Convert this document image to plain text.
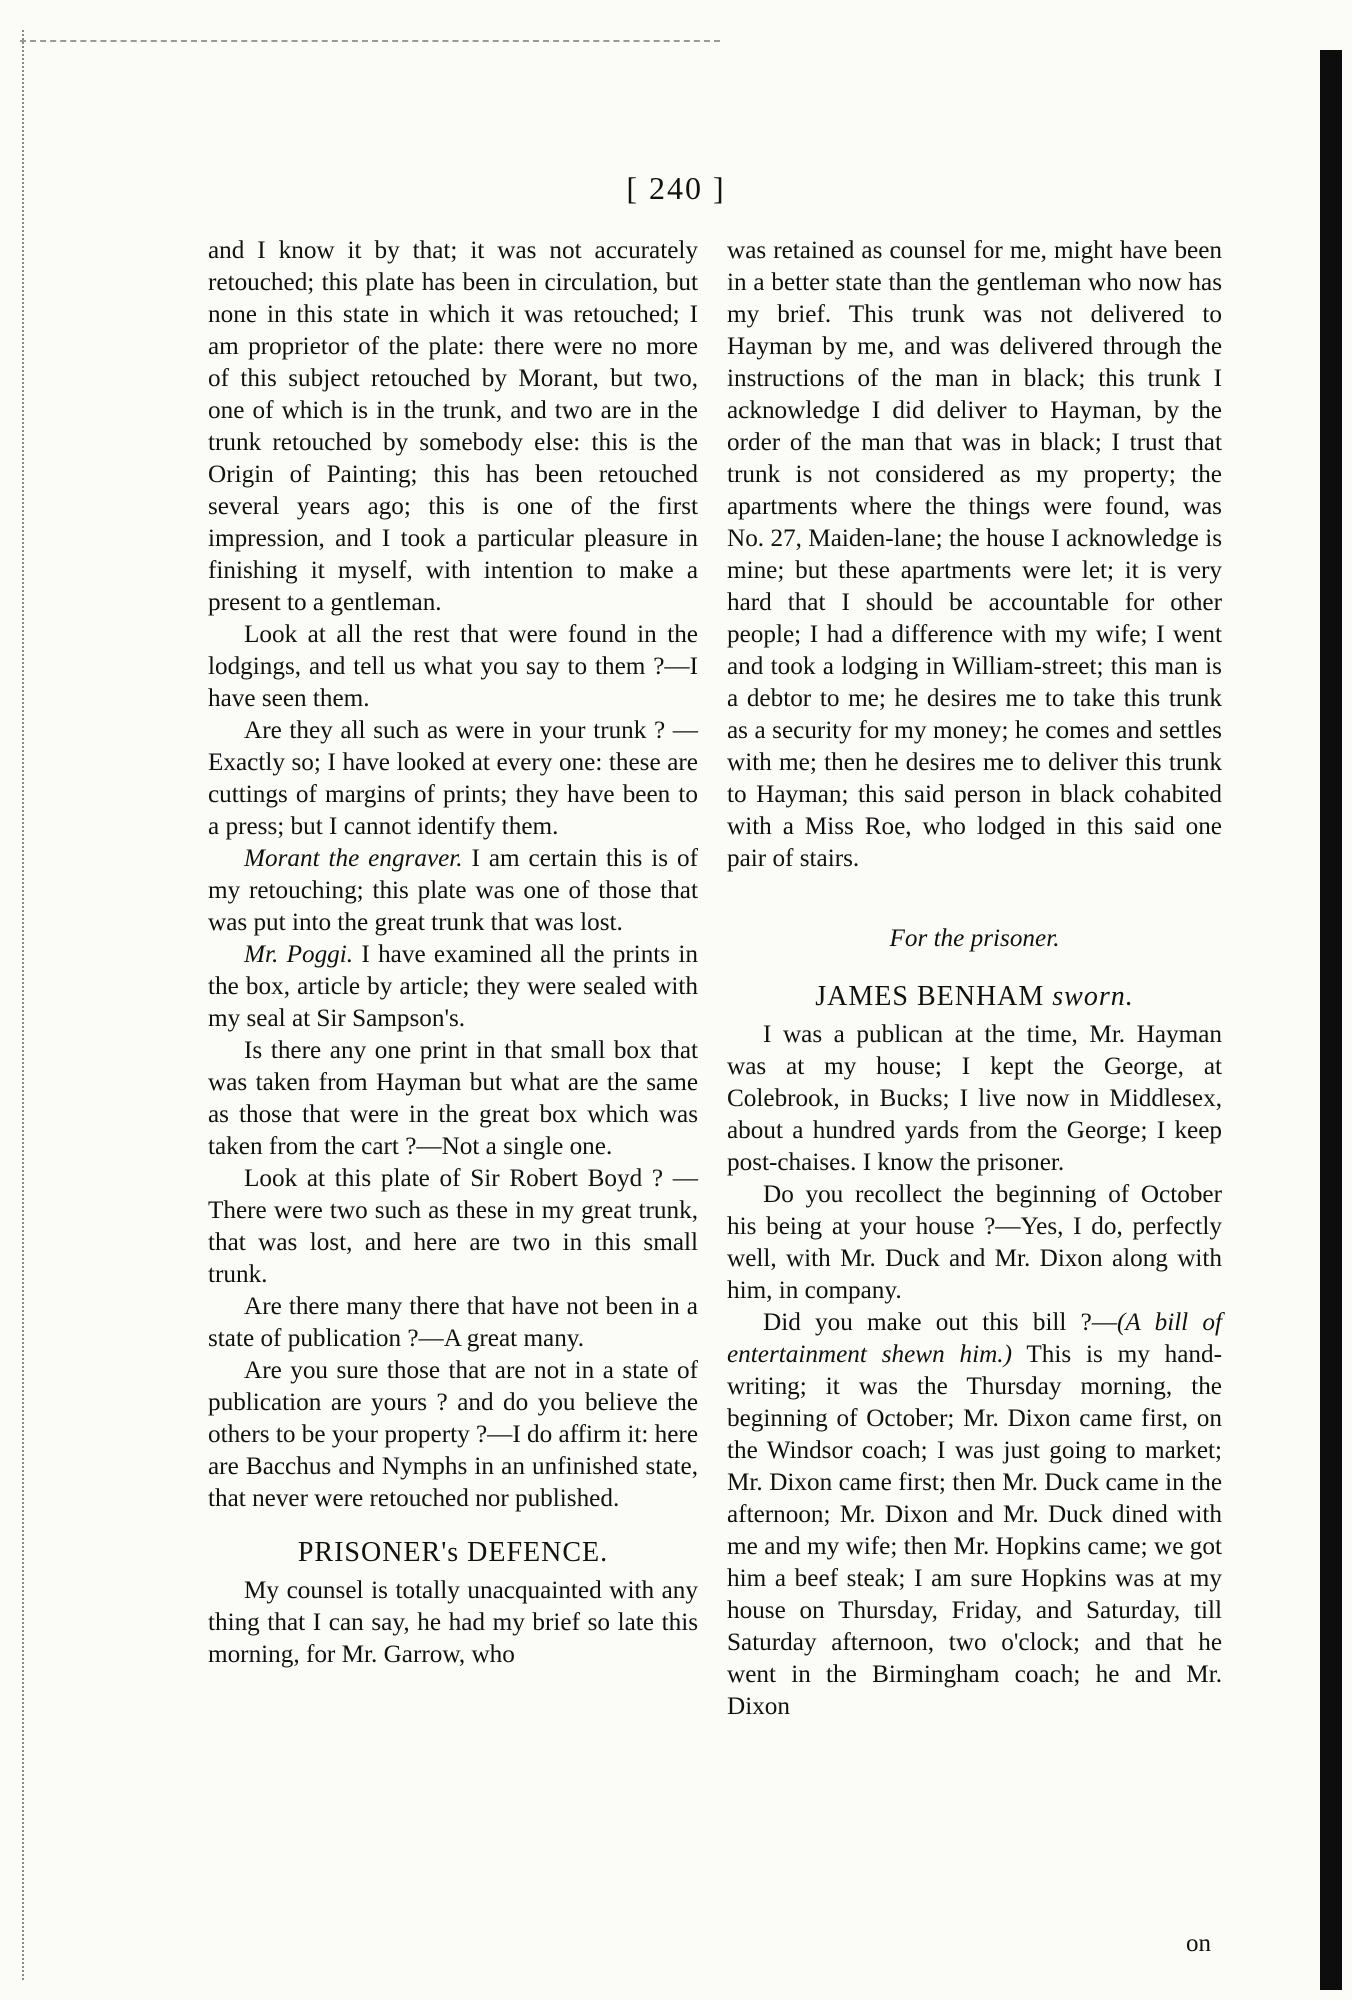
[ 240 ]

and I know it by that; it was not accurately retouched; this plate has been in circulation, but none in this state in which it was retouched; I am proprietor of the plate: there were no more of this subject retouched by Morant, but two, one of which is in the trunk, and two are in the trunk retouched by somebody else: this is the Origin of Painting; this has been retouched several years ago; this is one of the first impression, and I took a particular pleasure in finishing it myself, with intention to make a present to a gentleman.

Look at all the rest that were found in the lodgings, and tell us what you say to them ?—I have seen them.

Are they all such as were in your trunk ? —Exactly so; I have looked at every one: these are cuttings of margins of prints; they have been to a press; but I cannot identify them.

Morant the engraver. I am certain this is of my retouching; this plate was one of those that was put into the great trunk that was lost.

Mr. Poggi. I have examined all the prints in the box, article by article; they were sealed with my seal at Sir Sampson's.

Is there any one print in that small box that was taken from Hayman but what are the same as those that were in the great box which was taken from the cart ?—Not a single one.

Look at this plate of Sir Robert Boyd ? —There were two such as these in my great trunk, that was lost, and here are two in this small trunk.

Are there many there that have not been in a state of publication ?—A great many.

Are you sure those that are not in a state of publication are yours ? and do you believe the others to be your property ?—I do affirm it: here are Bacchus and Nymphs in an unfinished state, that never were retouched nor published.

PRISONER's DEFENCE.

My counsel is totally unacquainted with any thing that I can say, he had my brief so late this morning, for Mr. Garrow, who

was retained as counsel for me, might have been in a better state than the gentleman who now has my brief. This trunk was not delivered to Hayman by me, and was delivered through the instructions of the man in black; this trunk I acknowledge I did deliver to Hayman, by the order of the man that was in black; I trust that trunk is not considered as my property; the apartments where the things were found, was No. 27, Maiden-lane; the house I acknowledge is mine; but these apartments were let; it is very hard that I should be accountable for other people; I had a difference with my wife; I went and took a lodging in William-street; this man is a debtor to me; he desires me to take this trunk as a security for my money; he comes and settles with me; then he desires me to deliver this trunk to Hayman; this said person in black cohabited with a Miss Roe, who lodged in this said one pair of stairs.

For the prisoner.
JAMES BENHAM sworn.

I was a publican at the time, Mr. Hayman was at my house; I kept the George, at Colebrook, in Bucks; I live now in Middlesex, about a hundred yards from the George; I keep post-chaises. I know the prisoner.

Do you recollect the beginning of October his being at your house ?—Yes, I do, perfectly well, with Mr. Duck and Mr. Dixon along with him, in company.

Did you make out this bill ?—(A bill of entertainment shewn him.) This is my hand-writing; it was the Thursday morning, the beginning of October; Mr. Dixon came first, on the Windsor coach; I was just going to market; Mr. Dixon came first; then Mr. Duck came in the afternoon; Mr. Dixon and Mr. Duck dined with me and my wife; then Mr. Hopkins came; we got him a beef steak; I am sure Hopkins was at my house on Thursday, Friday, and Saturday, till Saturday afternoon, two o'clock; and that he went in the Birmingham coach; he and Mr. Dixon

on
